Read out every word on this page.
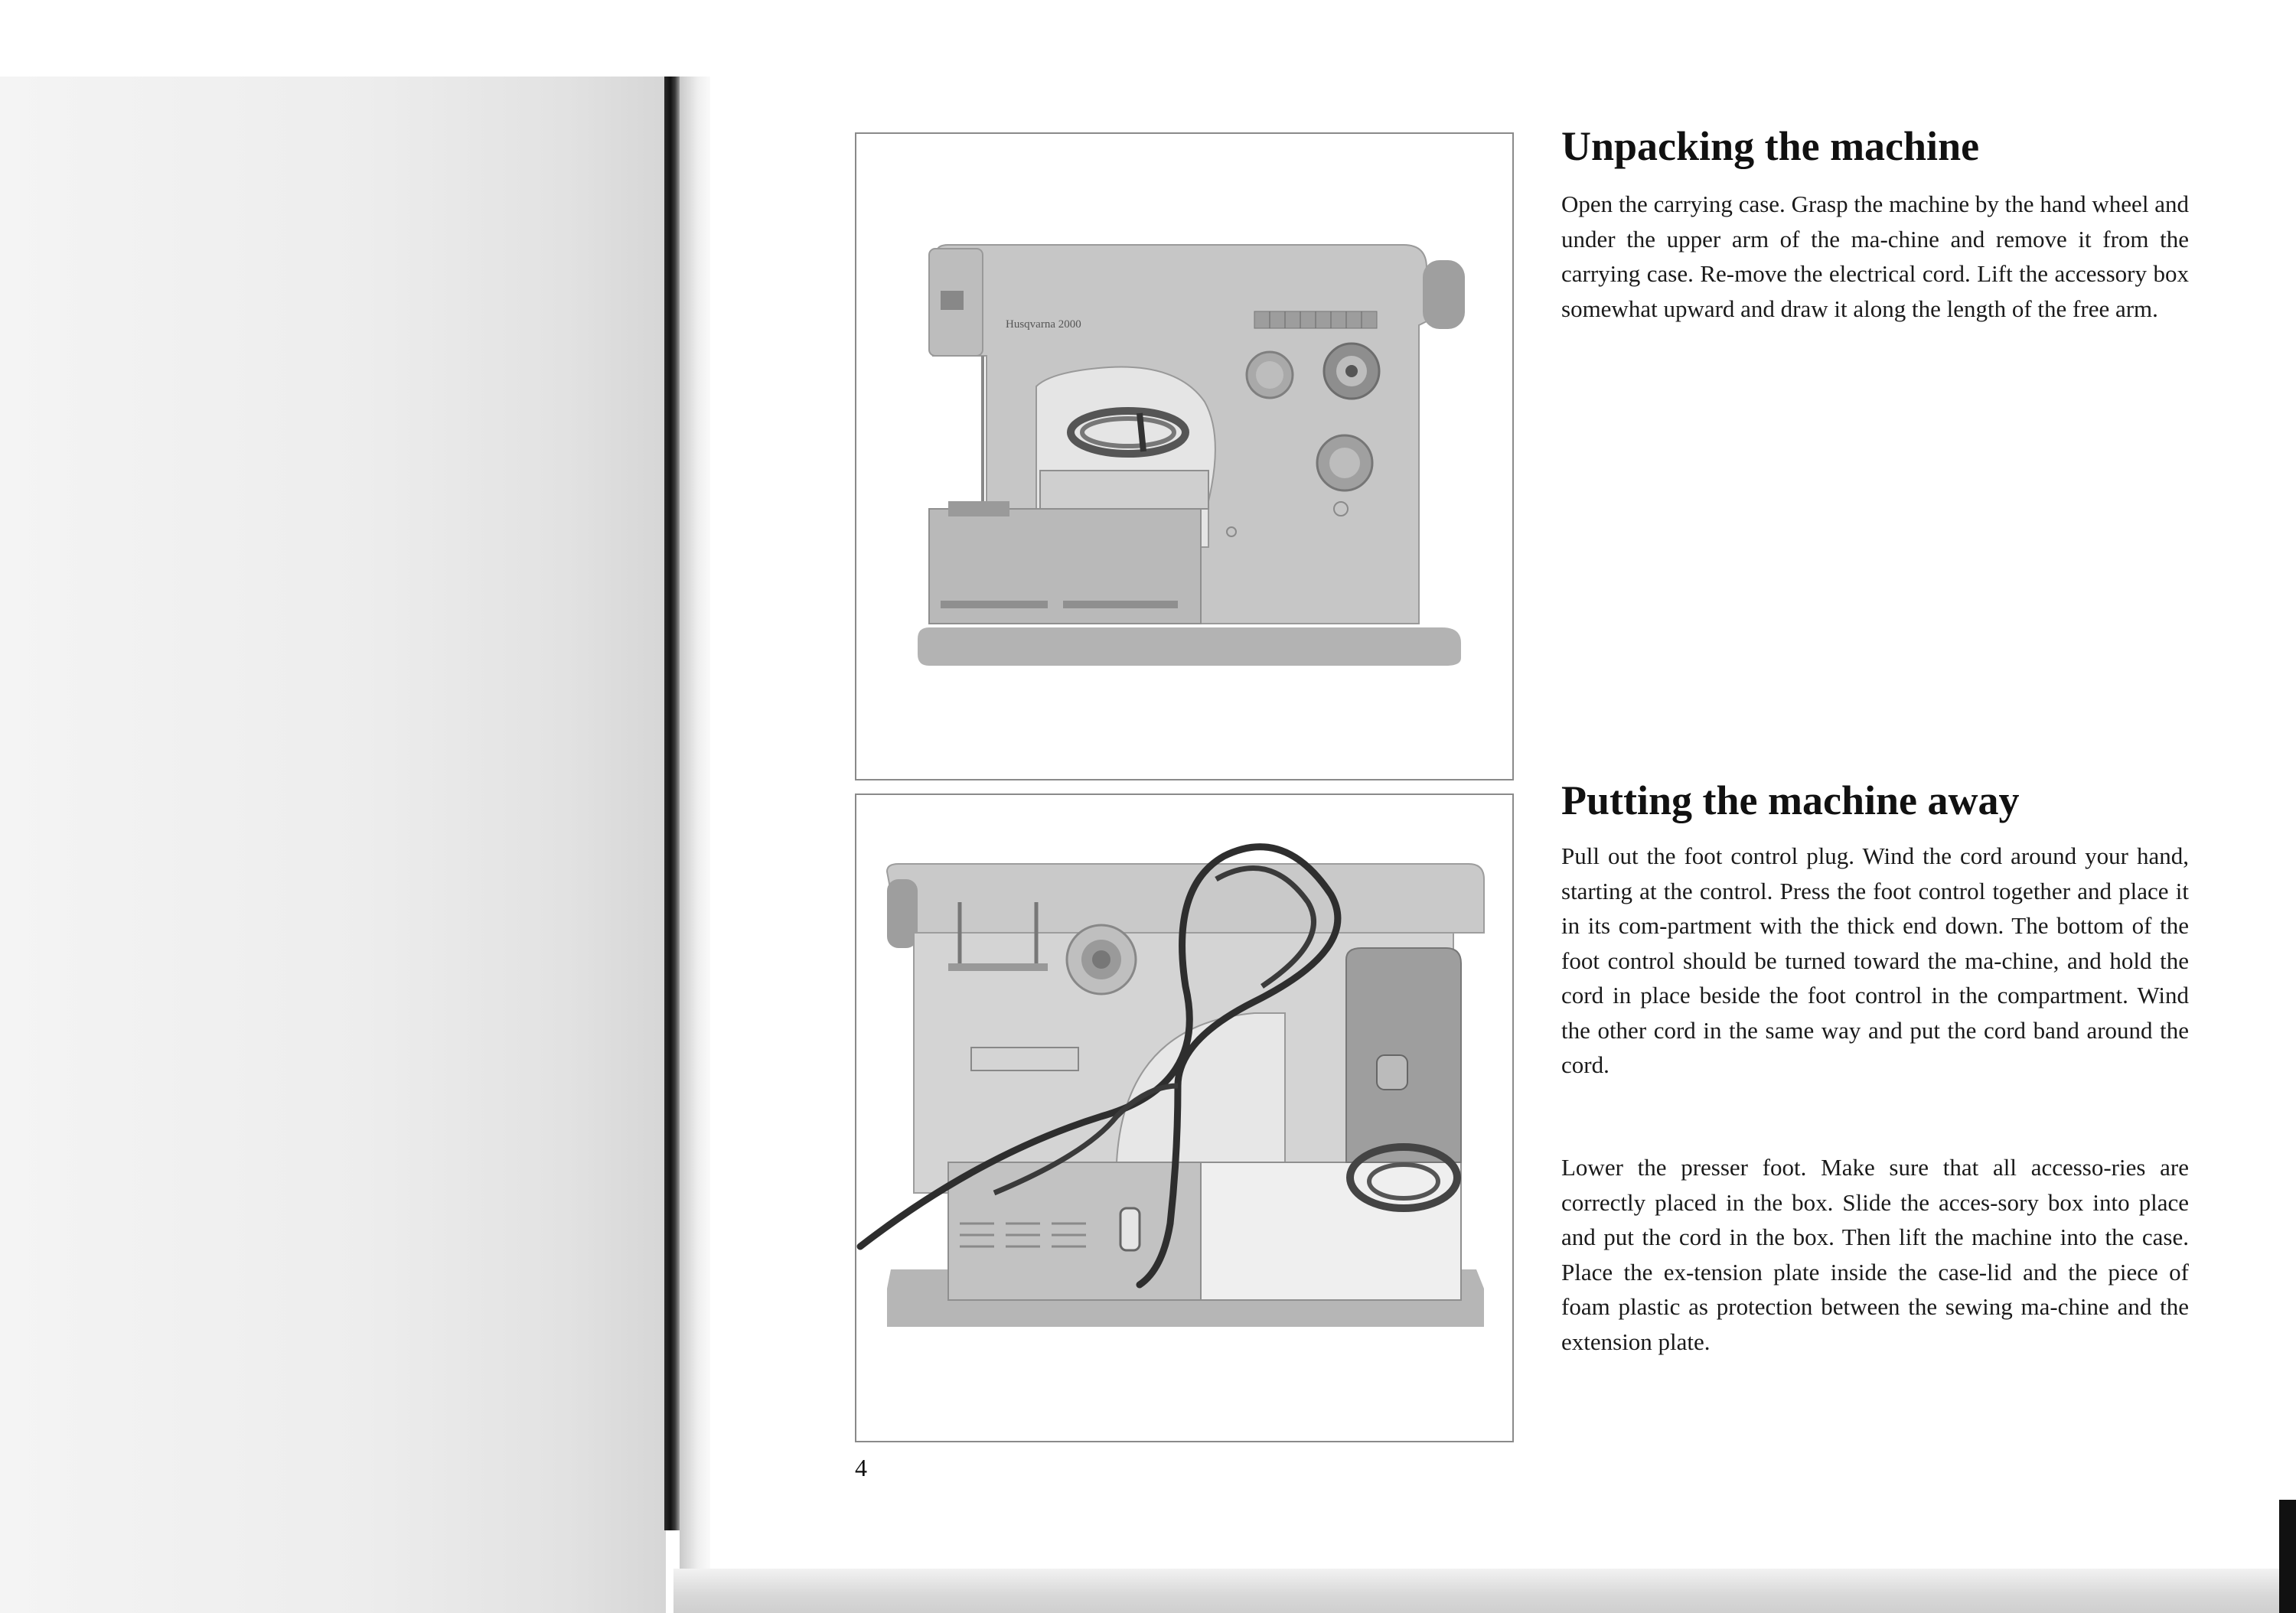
Husqvarna 2000
Unpacking the machine

Open the carrying case. Grasp the machine by the hand wheel and under the upper arm of the ma-chine and remove it from the carrying case. Re-move the electrical cord. Lift the accessory box somewhat upward and draw it along the length of the free arm.

Putting the machine away

Pull out the foot control plug. Wind the cord around your hand, starting at the control. Press the foot control together and place it in its com-partment with the thick end down. The bottom of the foot control should be turned toward the ma-chine, and hold the cord in place beside the foot control in the compartment. Wind the other cord in the same way and put the cord band around the cord.

Lower the presser foot. Make sure that all accesso-ries are correctly placed in the box. Slide the acces-sory box into place and put the cord in the box. Then lift the machine into the case. Place the ex-tension plate inside the case-lid and the piece of foam plastic as protection between the sewing ma-chine and the extension plate.

4
